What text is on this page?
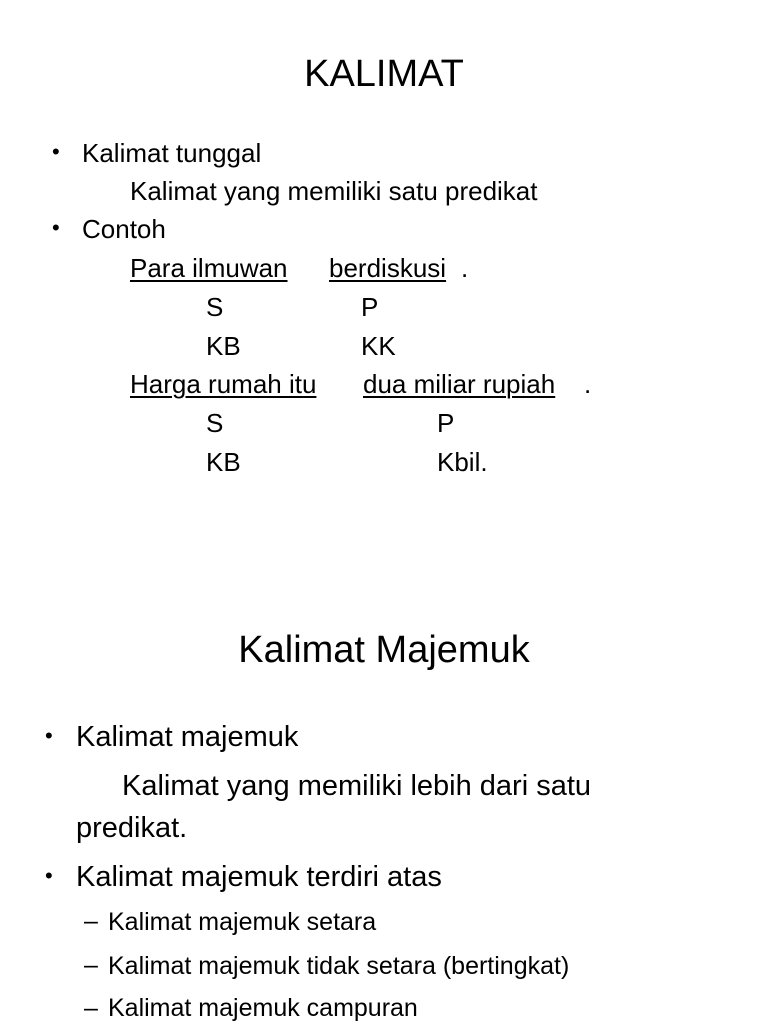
KALIMAT
• Kalimat tunggal

Kalimat yang memiliki satu predikat

• Contoh

Para ilmuwan berdiskusi .

S	P

KB	KK

Harga rumah itu dua miliar rupiah .

S	P

KB	Kbil.

Kalimat Majemuk
• Kalimat majemuk

Kalimat yang memiliki lebih dari satu

predikat.

• Kalimat majemuk terdiri atas

– Kalimat majemuk setara

– Kalimat majemuk tidak setara (bertingkat)

– Kalimat majemuk campuran
